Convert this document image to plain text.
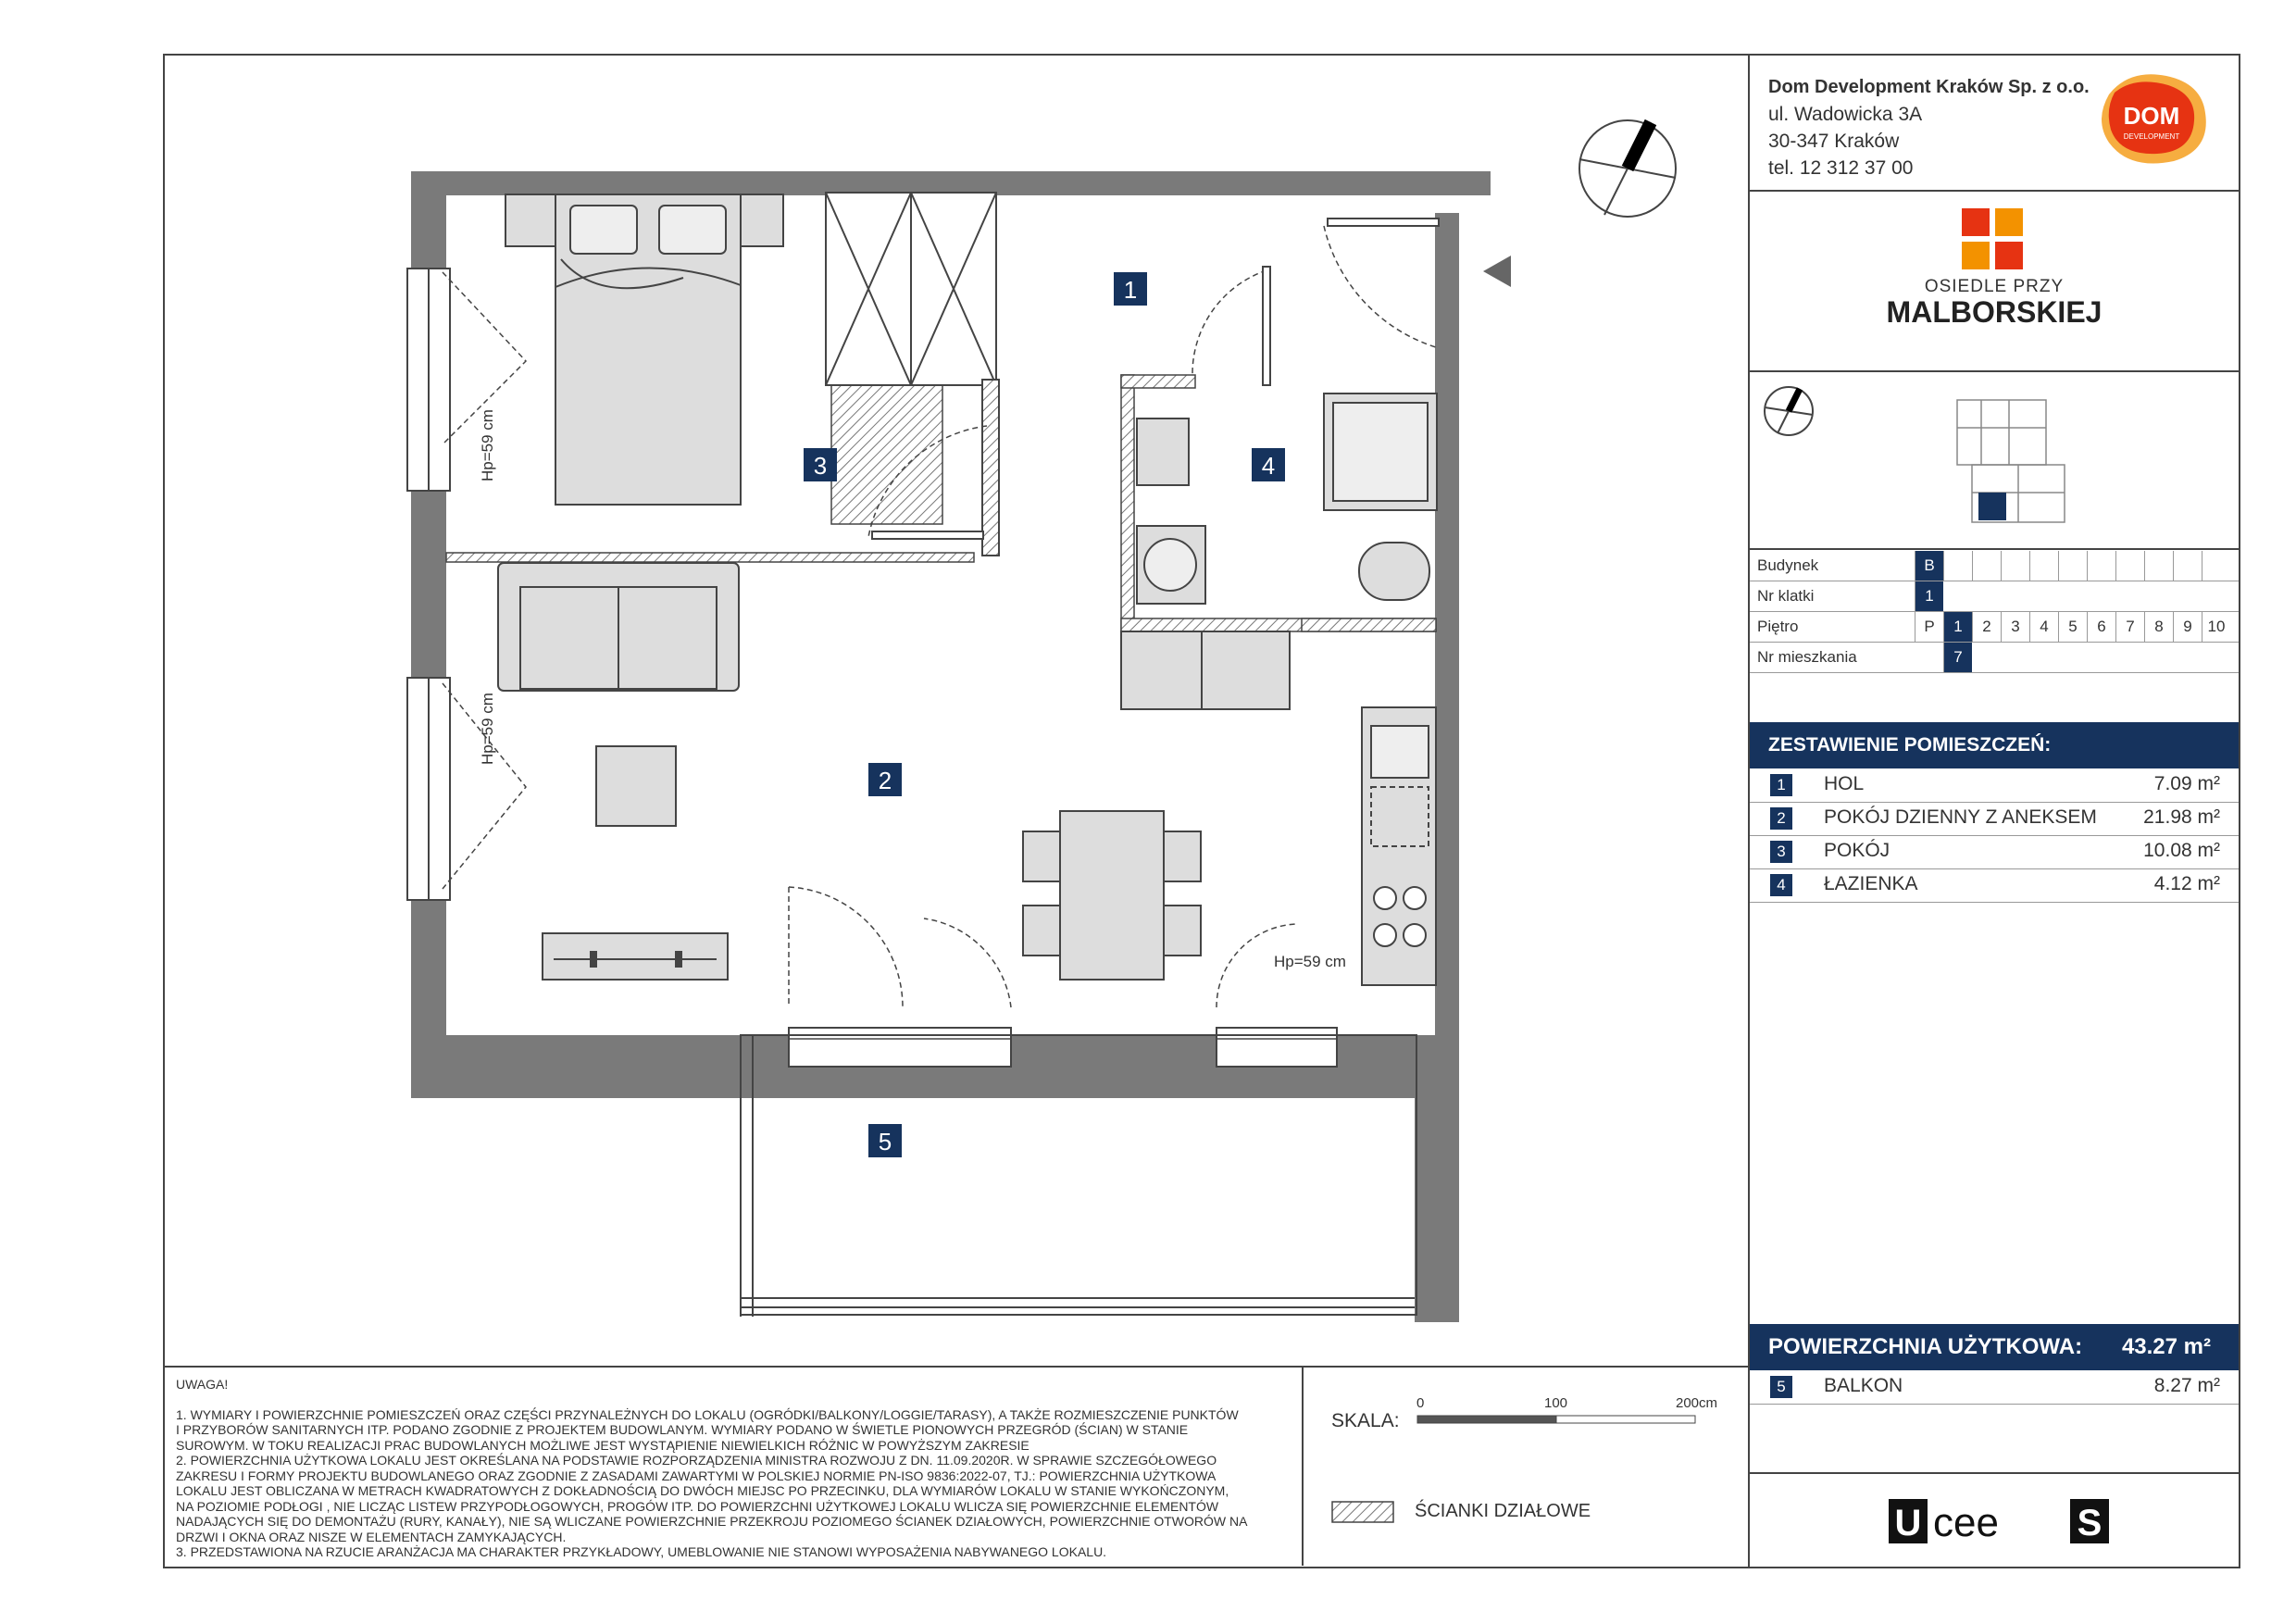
1
2
3	4
5
Hp=59 cm
Hp=59 cm
Hp=59 cm
Dom Development Kraków Sp. z o.o.
ul. Wadowicka 3A
30-347 Kraków
tel. 12 312 37 00
DOM
DEVELOPMENT
OSIEDLE PRZY
MALBORSKIEJ
Budynek	B
Nr klatki	1
Piętro	P	1	2	3	4	5	6	7	8	9 10
Nr mieszkania	7
ZESTAWIENIE POMIESZCZEŃ:
1	HOL	7.09 m²
2	POKÓJ DZIENNY Z ANEKSEM 21.98 m²
3	POKÓJ	10.08 m²
4	ŁAZIENKA	4.12 m²
POWIERZCHNIA UŻYTKOWA: 43.27 m²
5	BALKON	8.27 m²
U cee S

UWAGA!

1. WYMIARY I POWIERZCHNIE POMIESZCZEŃ ORAZ CZĘŚCI PRZYNALEŻNYCH DO LOKALU (OGRÓDKI/BALKONY/LOGGIE/TARASY), A TAKŻE ROZMIESZCZENIE PUNKTÓW

I PRZYBORÓW SANITARNYCH ITP. PODANO ZGODNIE Z PROJEKTEM BUDOWLANYM. WYMIARY PODANO W ŚWIETLE PIONOWYCH PRZEGRÓD (ŚCIAN) W STANIE

SUROWYM. W TOKU REALIZACJI PRAC BUDOWLANYCH MOŻLIWE JEST WYSTĄPIENIE NIEWIELKICH RÓŻNIC W POWYŻSZYM ZAKRESIE

2. POWIERZCHNIA UŻYTKOWA LOKALU JEST OKREŚLANA NA PODSTAWIE ROZPORZĄDZENIA MINISTRA ROZWOJU Z DN. 11.09.2020R. W SPRAWIE SZCZEGÓŁOWEGO

ZAKRESU I FORMY PROJEKTU BUDOWLANEGO ORAZ ZGODNIE Z ZASADAMI ZAWARTYMI W POLSKIEJ NORMIE PN-ISO 9836:2022-07, TJ.: POWIERZCHNIA UŻYTKOWA

LOKALU JEST OBLICZANA W METRACH KWADRATOWYCH Z DOKŁADNOŚCIĄ DO DWÓCH MIEJSC PO PRZECINKU, DLA WYMIARÓW LOKALU W STANIE WYKOŃCZONYM,

NA POZIOMIE PODŁOGI , NIE LICZĄC LISTEW PRZYPODŁOGOWYCH, PROGÓW ITP. DO POWIERZCHNI UŻYTKOWEJ LOKALU WLICZA SIĘ POWIERZCHNIE ELEMENTÓW

NADAJĄCYCH SIĘ DO DEMONTAŻU (RURY, KANAŁY), NIE SĄ WLICZANE POWIERZCHNIE PRZEKROJU POZIOMEGO ŚCIANEK DZIAŁOWYCH, POWIERZCHNIE OTWORÓW NA

DRZWI I OKNA ORAZ NISZE W ELEMENTACH ZAMYKAJĄCYCH.

3. PRZEDSTAWIONA NA RZUCIE ARANŻACJA MA CHARAKTER PRZYKŁADOWY, UMEBLOWANIE NIE STANOWI WYPOSAŻENIA NABYWANEGO LOKALU.

SKALA:
0	100	200cm
ŚCIANKI DZIAŁOWE
